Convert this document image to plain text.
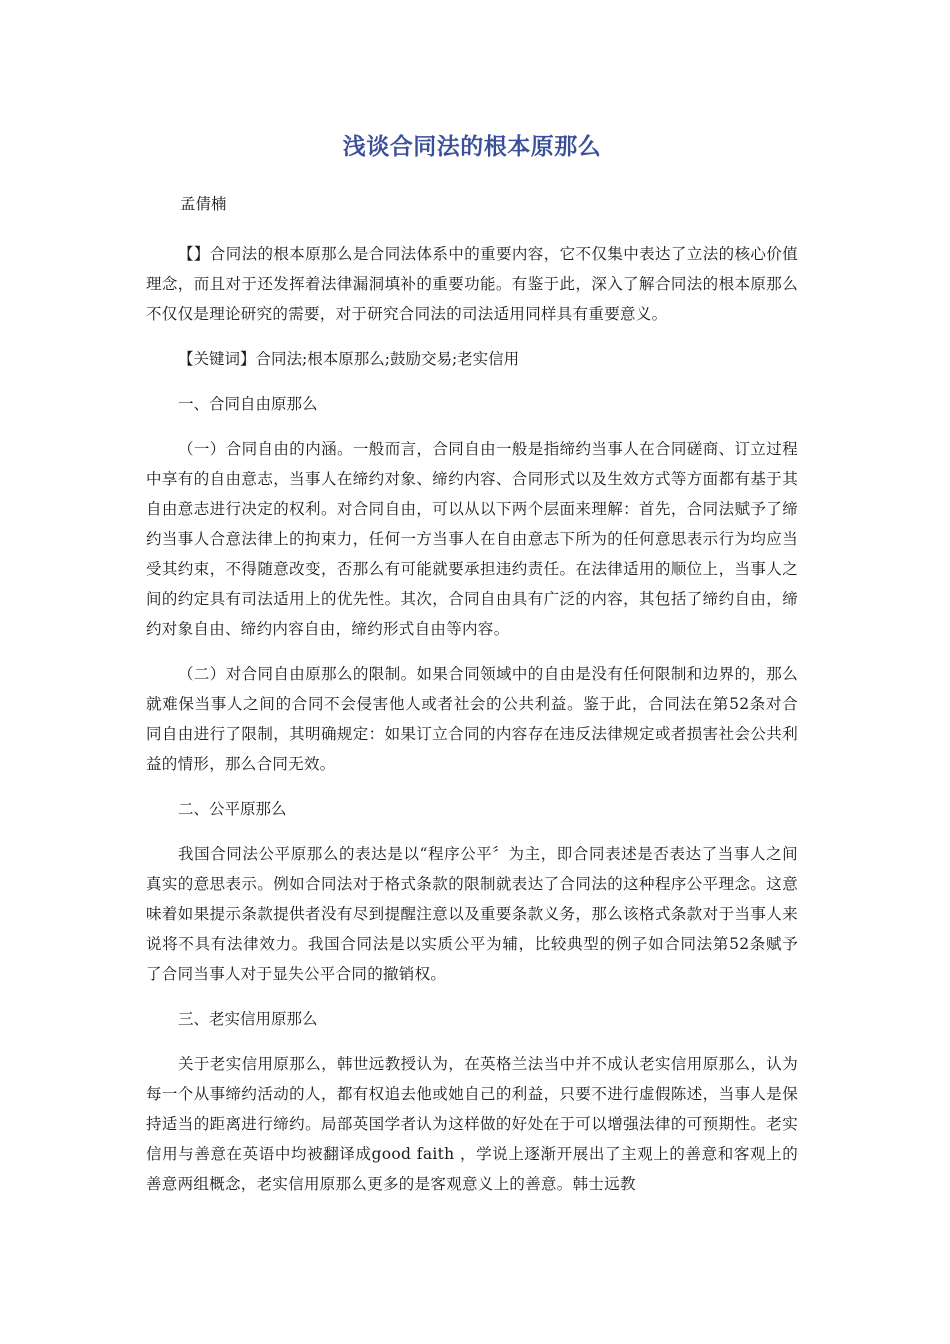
浅谈合同法的根本原那么

孟倩楠

【】合同法的根本原那么是合同法体系中的重要内容，它不仅集中表达了立法的核心价值理念，而且对于还发挥着法律漏洞填补的重要功能。有鉴于此，深入了解合同法的根本原那么不仅仅是理论研究的需要，对于研究合同法的司法适用同样具有重要意义。

【关键词】合同法;根本原那么;鼓励交易;老实信用

一、合同自由原那么

（一）合同自由的内涵。一般而言，合同自由一般是指缔约当事人在合同磋商、订立过程中享有的自由意志，当事人在缔约对象、缔约内容、合同形式以及生效方式等方面都有基于其自由意志进行决定的权利。对合同自由，可以从以下两个层面来理解：首先，合同法赋予了缔约当事人合意法律上的拘束力，任何一方当事人在自由意志下所为的任何意思表示行为均应当受其约束，不得随意改变，否那么有可能就要承担违约责任。在法律适用的顺位上，当事人之间的约定具有司法适用上的优先性。其次，合同自由具有广泛的内容，其包括了缔约自由，缔约对象自由、缔约内容自由，缔约形式自由等内容。

（二）对合同自由原那么的限制。如果合同领域中的自由是没有任何限制和边界的，那么就难保当事人之间的合同不会侵害他人或者社会的公共利益。鉴于此，合同法在第52条对合同自由进行了限制，其明确规定：如果订立合同的内容存在违反法律规定或者损害社会公共利益的情形，那么合同无效。

二、公平原那么

我国合同法公平原那么的表达是以“程序公平〞为主，即合同表述是否表达了当事人之间真实的意思表示。例如合同法对于格式条款的限制就表达了合同法的这种程序公平理念。这意味着如果提示条款提供者没有尽到提醒注意以及重要条款义务，那么该格式条款对于当事人来说将不具有法律效力。我国合同法是以实质公平为辅，比较典型的例子如合同法第52条赋予了合同当事人对于显失公平合同的撤销权。

三、老实信用原那么

关于老实信用原那么，韩世远教授认为，在英格兰法当中并不成认老实信用原那么，认为每一个从事缔约活动的人，都有权追去他或她自己的利益，只要不进行虚假陈述，当事人是保持适当的距离进行缔约。局部英国学者认为这样做的好处在于可以增强法律的可预期性。老实信用与善意在英语中均被翻译成good faith ，学说上逐渐开展出了主观上的善意和客观上的善意两组概念，老实信用原那么更多的是客观意义上的善意。韩士远教
